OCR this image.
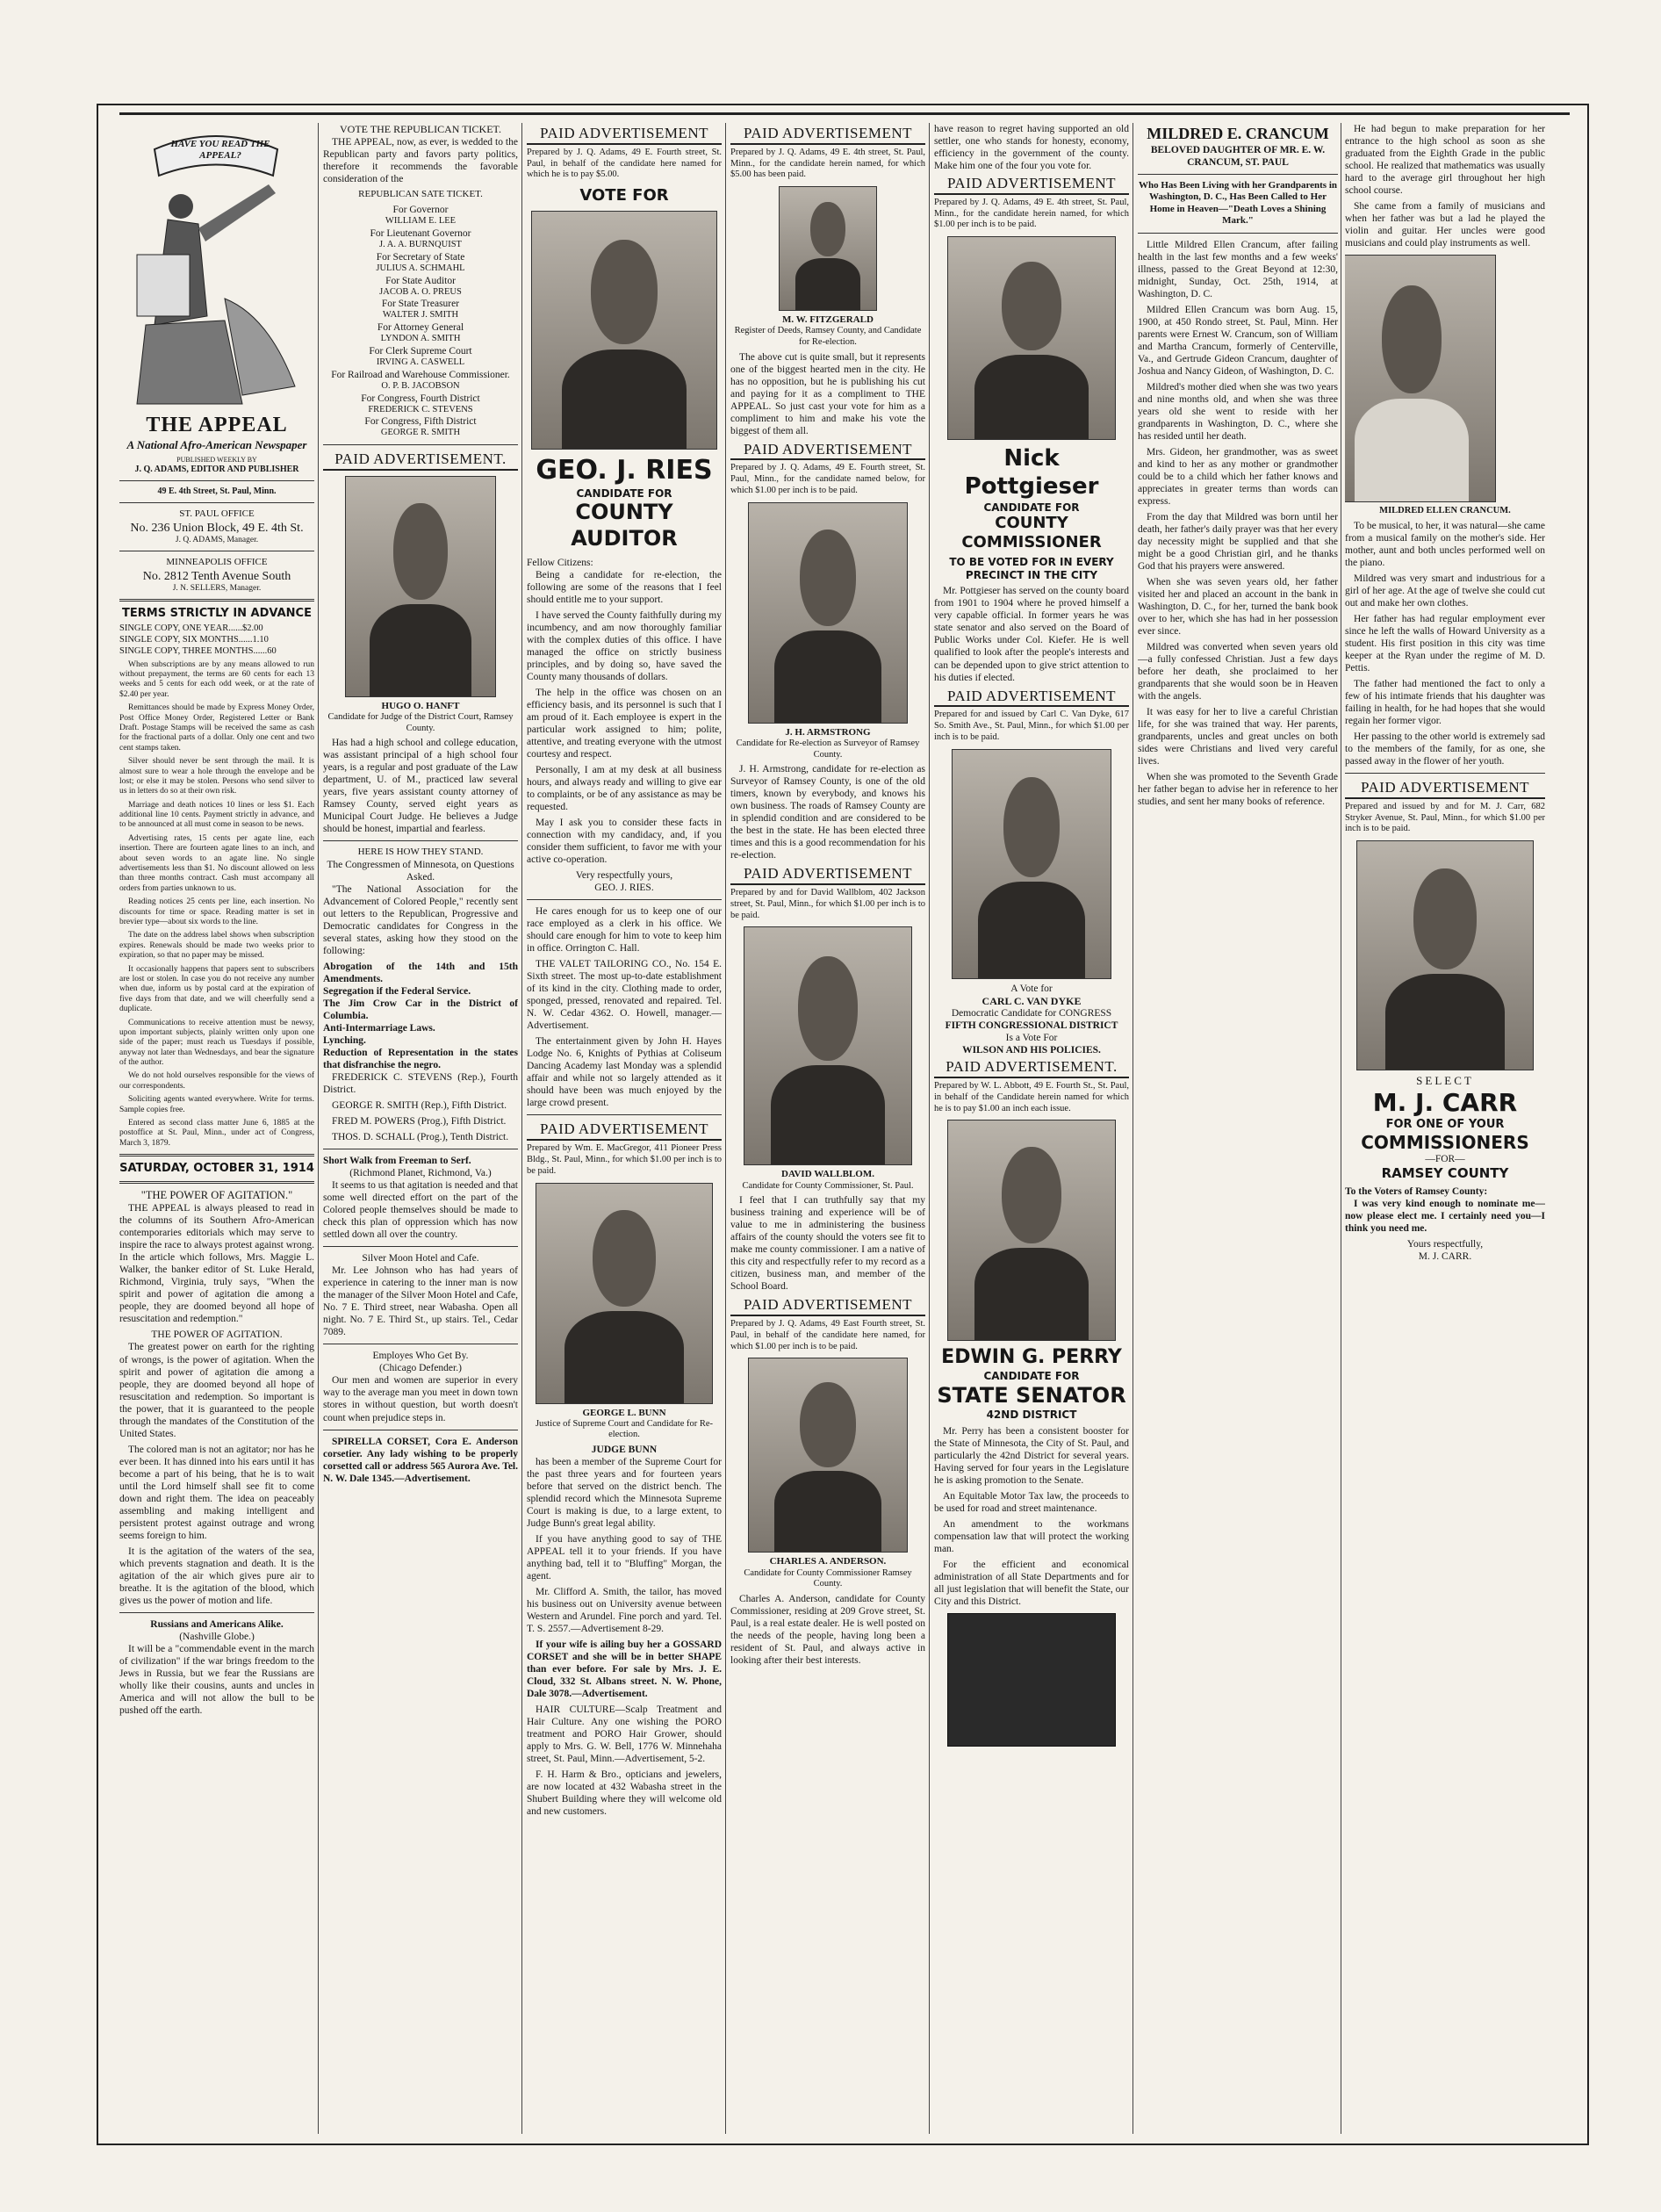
HAVE YOU READ THE APPEAL?
THE APPEAL
A National Afro-American Newspaper
PUBLISHED WEEKLY BY
J. Q. ADAMS, EDITOR AND PUBLISHER
49 E. 4th Street, St. Paul, Minn.
ST. PAUL OFFICE
No. 236 Union Block, 49 E. 4th St.
J. Q. ADAMS, Manager.
MINNEAPOLIS OFFICE
No. 2812 Tenth Avenue South
J. N. SELLERS, Manager.
TERMS STRICTLY IN ADVANCE
SINGLE COPY, ONE YEAR......$2.00
SINGLE COPY, SIX MONTHS......1.10
SINGLE COPY, THREE MONTHS......60

When subscriptions are by any means allowed to run without prepayment, the terms are 60 cents for each 13 weeks and 5 cents for each odd week, or at the rate of $2.40 per year.

Remittances should be made by Express Money Order, Post Office Money Order, Registered Letter or Bank Draft. Postage Stamps will be received the same as cash for the fractional parts of a dollar. Only one cent and two cent stamps taken.

Silver should never be sent through the mail. It is almost sure to wear a hole through the envelope and be lost; or else it may be stolen. Persons who send silver to us in letters do so at their own risk.

Marriage and death notices 10 lines or less $1. Each additional line 10 cents. Payment strictly in advance, and to be announced at all must come in season to be news.

Advertising rates, 15 cents per agate line, each insertion. There are fourteen agate lines to an inch, and about seven words to an agate line. No single advertisements less than $1. No discount allowed on less than three months contract. Cash must accompany all orders from parties unknown to us.

Reading notices 25 cents per line, each insertion. No discounts for time or space. Reading matter is set in brevier type—about six words to the line.

The date on the address label shows when subscription expires. Renewals should be made two weeks prior to expiration, so that no paper may be missed.

It occasionally happens that papers sent to subscribers are lost or stolen. In case you do not receive any number when due, inform us by postal card at the expiration of five days from that date, and we will cheerfully send a duplicate.

Communications to receive attention must be newsy, upon important subjects, plainly written only upon one side of the paper; must reach us Tuesdays if possible, anyway not later than Wednesdays, and bear the signature of the author.

We do not hold ourselves responsible for the views of our correspondents.

Soliciting agents wanted everywhere. Write for terms. Sample copies free.

Entered as second class matter June 6, 1885 at the postoffice at St. Paul, Minn., under act of Congress, March 3, 1879.

SATURDAY, OCTOBER 31, 1914
"THE POWER OF AGITATION."

THE APPEAL is always pleased to read in the columns of its Southern Afro-American contemporaries editorials which may serve to inspire the race to always protest against wrong. In the article which follows, Mrs. Maggie L. Walker, the banker editor of St. Luke Herald, Richmond, Virginia, truly says, "When the spirit and power of agitation die among a people, they are doomed beyond all hope of resuscitation and redemption."

THE POWER OF AGITATION.

The greatest power on earth for the righting of wrongs, is the power of agitation. When the spirit and power of agitation die among a people, they are doomed beyond all hope of resuscitation and redemption. So important is the power, that it is guaranteed to the people through the mandates of the Constitution of the United States.

The colored man is not an agitator; nor has he ever been. It has dinned into his ears until it has become a part of his being, that he is to wait until the Lord himself shall see fit to come down and right them. The idea on peaceably assembling and making intelligent and persistent protest against outrage and wrong seems foreign to him.

It is the agitation of the waters of the sea, which prevents stagnation and death. It is the agitation of the air which gives pure air to breathe. It is the agitation of the blood, which gives us the power of motion and life.

Russians and Americans Alike.
(Nashville Globe.)

It will be a "commendable event in the march of civilization" if the war brings freedom to the Jews in Russia, but we fear the Russians are wholly like their cousins, aunts and uncles in America and will not allow the bull to be pushed off the earth.

VOTE THE REPUBLICAN TICKET.

THE APPEAL, now, as ever, is wedded to the Republican party and favors party politics, therefore it recommends the favorable consideration of the

REPUBLICAN SATE TICKET.
For Governor
WILLIAM E. LEE
For Lieutenant Governor
J. A. A. BURNQUIST
For Secretary of State
JULIUS A. SCHMAHL
For State Auditor
JACOB A. O. PREUS
For State Treasurer
WALTER J. SMITH
For Attorney General
LYNDON A. SMITH
For Clerk Supreme Court
IRVING A. CASWELL
For Railroad and Warehouse Commissioner.
O. P. B. JACOBSON
For Congress, Fourth District
FREDERICK C. STEVENS
For Congress, Fifth District
GEORGE R. SMITH
PAID ADVERTISEMENT.
HUGO O. HANFT
Candidate for Judge of the District Court, Ramsey County.

Has had a high school and college education, was assistant principal of a high school four years, is a regular and post graduate of the Law department, U. of M., practiced law several years, five years assistant county attorney of Ramsey County, served eight years as Municipal Court Judge. He believes a Judge should be honest, impartial and fearless.

HERE IS HOW THEY STAND.
The Congressmen of Minnesota, on Questions Asked.

"The National Association for the Advancement of Colored People," recently sent out letters to the Republican, Progressive and Democratic candidates for Congress in the several states, asking how they stood on the following:

Abrogation of the 14th and 15th Amendments.
Segregation if the Federal Service.
The Jim Crow Car in the District of Columbia.
Anti-Intermarriage Laws.
Lynching.
Reduction of Representation in the states that disfranchise the negro.

FREDERICK C. STEVENS (Rep.), Fourth District.

GEORGE R. SMITH (Rep.), Fifth District.

FRED M. POWERS (Prog.), Fifth District.

THOS. D. SCHALL (Prog.), Tenth District.

Short Walk from Freeman to Serf.
(Richmond Planet, Richmond, Va.)

It seems to us that agitation is needed and that some well directed effort on the part of the Colored people themselves should be made to check this plan of oppression which has now settled down all over the country.

Silver Moon Hotel and Cafe.

Mr. Lee Johnson who has had years of experience in catering to the inner man is now the manager of the Silver Moon Hotel and Cafe, No. 7 E. Third street, near Wabasha. Open all night. No. 7 E. Third St., up stairs. Tel., Cedar 7089.

Employes Who Get By.
(Chicago Defender.)

Our men and women are superior in every way to the average man you meet in down town stores in without question, but worth doesn't count when prejudice steps in.

SPIRELLA CORSET, Cora E. Anderson corsetier. Any lady wishing to be properly corsetted call or address 565 Aurora Ave. Tel. N. W. Dale 1345.—Advertisement.

PAID ADVERTISEMENT

Prepared by J. Q. Adams, 49 E. Fourth street, St. Paul, in behalf of the candidate here named for which he is to pay $5.00.

VOTE FOR
GEO. J. RIES
CANDIDATE FOR
COUNTY AUDITOR
Fellow Citizens:

Being a candidate for re-election, the following are some of the reasons that I feel should entitle me to your support.

I have served the County faithfully during my incumbency, and am now thoroughly familiar with the complex duties of this office. I have managed the office on strictly business principles, and by doing so, have saved the County many thousands of dollars.

The help in the office was chosen on an efficiency basis, and its personnel is such that I am proud of it. Each employee is expert in the particular work assigned to him; polite, attentive, and treating everyone with the utmost courtesy and respect.

Personally, I am at my desk at all business hours, and always ready and willing to give ear to complaints, or be of any assistance as may be requested.

May I ask you to consider these facts in connection with my candidacy, and, if you consider them sufficient, to favor me with your active co-operation.

Very respectfully yours,
GEO. J. RIES.

He cares enough for us to keep one of our race employed as a clerk in his office. We should care enough for him to vote to keep him in office. Orrington C. Hall.

THE VALET TAILORING CO., No. 154 E. Sixth street. The most up-to-date establishment of its kind in the city. Clothing made to order, sponged, pressed, renovated and repaired. Tel. N. W. Cedar 4362. O. Howell, manager.—Advertisement.

The entertainment given by John H. Hayes Lodge No. 6, Knights of Pythias at Coliseum Dancing Academy last Monday was a splendid affair and while not so largely attended as it should have been was much enjoyed by the large crowd present.

PAID ADVERTISEMENT

Prepared by Wm. E. MacGregor, 411 Pioneer Press Bldg., St. Paul, Minn., for which $1.00 per inch is to be paid.

GEORGE L. BUNN
Justice of Supreme Court and Candidate for Re-election.
JUDGE BUNN

has been a member of the Supreme Court for the past three years and for fourteen years before that served on the district bench. The splendid record which the Minnesota Supreme Court is making is due, to a large extent, to Judge Bunn's great legal ability.

If you have anything good to say of THE APPEAL tell it to your friends. If you have anything bad, tell it to "Bluffing" Morgan, the agent.

Mr. Clifford A. Smith, the tailor, has moved his business out on University avenue between Western and Arundel. Fine porch and yard. Tel. T. S. 2557.—Advertisement 8-29.

If your wife is ailing buy her a GOSSARD CORSET and she will be in better SHAPE than ever before. For sale by Mrs. J. E. Cloud, 332 St. Albans street. N. W. Phone, Dale 3078.—Advertisement.

HAIR CULTURE—Scalp Treatment and Hair Culture. Any one wishing the PORO treatment and PORO Hair Grower, should apply to Mrs. G. W. Bell, 1776 W. Minnehaha street, St. Paul, Minn.—Advertisement, 5-2.

F. H. Harm & Bro., opticians and jewelers, are now located at 432 Wabasha street in the Shubert Building where they will welcome old and new customers.

PAID ADVERTISEMENT

Prepared by J. Q. Adams, 49 E. 4th street, St. Paul, Minn., for the candidate herein named, for which $5.00 has been paid.

M. W. FITZGERALD
Register of Deeds, Ramsey County, and Candidate for Re-election.

The above cut is quite small, but it represents one of the biggest hearted men in the city. He has no opposition, but he is publishing his cut and paying for it as a compliment to THE APPEAL. So just cast your vote for him as a compliment to him and make his vote the biggest of them all.

PAID ADVERTISEMENT

Prepared by J. Q. Adams, 49 E. Fourth street, St. Paul, Minn., for the candidate named below, for which $1.00 per inch is to be paid.

J. H. ARMSTRONG
Candidate for Re-election as Surveyor of Ramsey County.

J. H. Armstrong, candidate for re-election as Surveyor of Ramsey County, is one of the old timers, known by everybody, and knows his own business. The roads of Ramsey County are in splendid condition and are considered to be the best in the state. He has been elected three times and this is a good recommendation for his re-election.

PAID ADVERTISEMENT

Prepared by and for David Wallblom, 402 Jackson street, St. Paul, Minn., for which $1.00 per inch is to be paid.

DAVID WALLBLOM.
Candidate for County Commissioner, St. Paul.

I feel that I can truthfully say that my business training and experience will be of value to me in administering the business affairs of the county should the voters see fit to make me county commissioner. I am a native of this city and respectfully refer to my record as a citizen, business man, and member of the School Board.

PAID ADVERTISEMENT

Prepared by J. Q. Adams, 49 East Fourth street, St. Paul, in behalf of the candidate here named, for which $1.00 per inch is to be paid.

CHARLES A. ANDERSON.
Candidate for County Commissioner Ramsey County.

Charles A. Anderson, candidate for County Commissioner, residing at 209 Grove street, St. Paul, is a real estate dealer. He is well posted on the needs of the people, having long been a resident of St. Paul, and always active in looking after their best interests.

have reason to regret having supported an old settler, one who stands for honesty, economy, efficiency in the government of the county. Make him one of the four you vote for.

PAID ADVERTISEMENT

Prepared by J. Q. Adams, 49 E. 4th street, St. Paul, Minn., for the candidate herein named, for which $1.00 per inch is to be paid.

Nick Pottgieser
CANDIDATE FOR
COUNTY COMMISSIONER
TO BE VOTED FOR IN EVERY PRECINCT IN THE CITY

Mr. Pottgieser has served on the county board from 1901 to 1904 where he proved himself a very capable official. In former years he was state senator and also served on the Board of Public Works under Col. Kiefer. He is well qualified to look after the people's interests and can be depended upon to give strict attention to his duties if elected.

PAID ADVERTISEMENT

Prepared for and issued by Carl C. Van Dyke, 617 So. Smith Ave., St. Paul, Minn., for which $1.00 per inch is to be paid.

A Vote for
CARL C. VAN DYKE
Democratic Candidate for CONGRESS
FIFTH CONGRESSIONAL DISTRICT
Is a Vote For
WILSON AND HIS POLICIES.
PAID ADVERTISEMENT.

Prepared by W. L. Abbott, 49 E. Fourth St., St. Paul, in behalf of the Candidate herein named for which he is to pay $1.00 an inch each issue.

EDWIN G. PERRY
CANDIDATE FOR
STATE SENATOR
42ND DISTRICT

Mr. Perry has been a consistent booster for the State of Minnesota, the City of St. Paul, and particularly the 42nd District for several years. Having served for four years in the Legislature he is asking promotion to the Senate.

An Equitable Motor Tax law, the proceeds to be used for road and street maintenance.

An amendment to the workmans compensation law that will protect the working man.

For the efficient and economical administration of all State Departments and for all just legislation that will benefit the State, our City and this District.

MILDRED E. CRANCUM
BELOVED DAUGHTER OF MR. E. W. CRANCUM, ST. PAUL
Who Has Been Living with her Grandparents in Washington, D. C., Has Been Called to Her Home in Heaven—"Death Loves a Shining Mark."

Little Mildred Ellen Crancum, after failing health in the last few months and a few weeks' illness, passed to the Great Beyond at 12:30, midnight, Sunday, Oct. 25th, 1914, at Washington, D. C.

Mildred Ellen Crancum was born Aug. 15, 1900, at 450 Rondo street, St. Paul, Minn. Her parents were Ernest W. Crancum, son of William and Martha Crancum, formerly of Centerville, Va., and Gertrude Gideon Crancum, daughter of Joshua and Nancy Gideon, of Washington, D. C.

Mildred's mother died when she was two years and nine months old, and when she was three years old she went to reside with her grandparents in Washington, D. C., where she has resided until her death.

Mrs. Gideon, her grandmother, was as sweet and kind to her as any mother or grandmother could be to a child which her father knows and appreciates in greater terms than words can express.

From the day that Mildred was born until her death, her father's daily prayer was that her every day necessity might be supplied and that she might be a good Christian girl, and he thanks God that his prayers were answered.

When she was seven years old, her father visited her and placed an account in the bank in Washington, D. C., for her, turned the bank book over to her, which she has had in her possession ever since.

Mildred was converted when seven years old—a fully confessed Christian. Just a few days before her death, she proclaimed to her grandparents that she would soon be in Heaven with the angels.

It was easy for her to live a careful Christian life, for she was trained that way. Her parents, grandparents, uncles and great uncles on both sides were Christians and lived very careful lives.

When she was promoted to the Seventh Grade her father began to advise her in reference to her studies, and sent her many books of reference.

He had begun to make preparation for her entrance to the high school as soon as she graduated from the Eighth Grade in the public school. He realized that mathematics was usually hard to the average girl throughout her high school course.

She came from a family of musicians and when her father was but a lad he played the violin and guitar. Her uncles were good musicians and could play instruments as well.

MILDRED ELLEN CRANCUM.

To be musical, to her, it was natural—she came from a musical family on the mother's side. Her mother, aunt and both uncles performed well on the piano.

Mildred was very smart and industrious for a girl of her age. At the age of twelve she could cut out and make her own clothes.

Her father has had regular employment ever since he left the walls of Howard University as a student. His first position in this city was time keeper at the Ryan under the regime of M. D. Pettis.

The father had mentioned the fact to only a few of his intimate friends that his daughter was failing in health, for he had hopes that she would regain her former vigor.

Her passing to the other world is extremely sad to the members of the family, for as one, she passed away in the flower of her youth.

PAID ADVERTISEMENT

Prepared and issued by and for M. J. Carr, 682 Stryker Avenue, St. Paul, Minn., for which $1.00 per inch is to be paid.

SELECT
M. J. CARR
FOR ONE OF YOUR
COMMISSIONERS
—FOR—
RAMSEY COUNTY
To the Voters of Ramsey County:

I was very kind enough to nominate me—now please elect me. I certainly need you—I think you need me.

Yours respectfully,
M. J. CARR.
